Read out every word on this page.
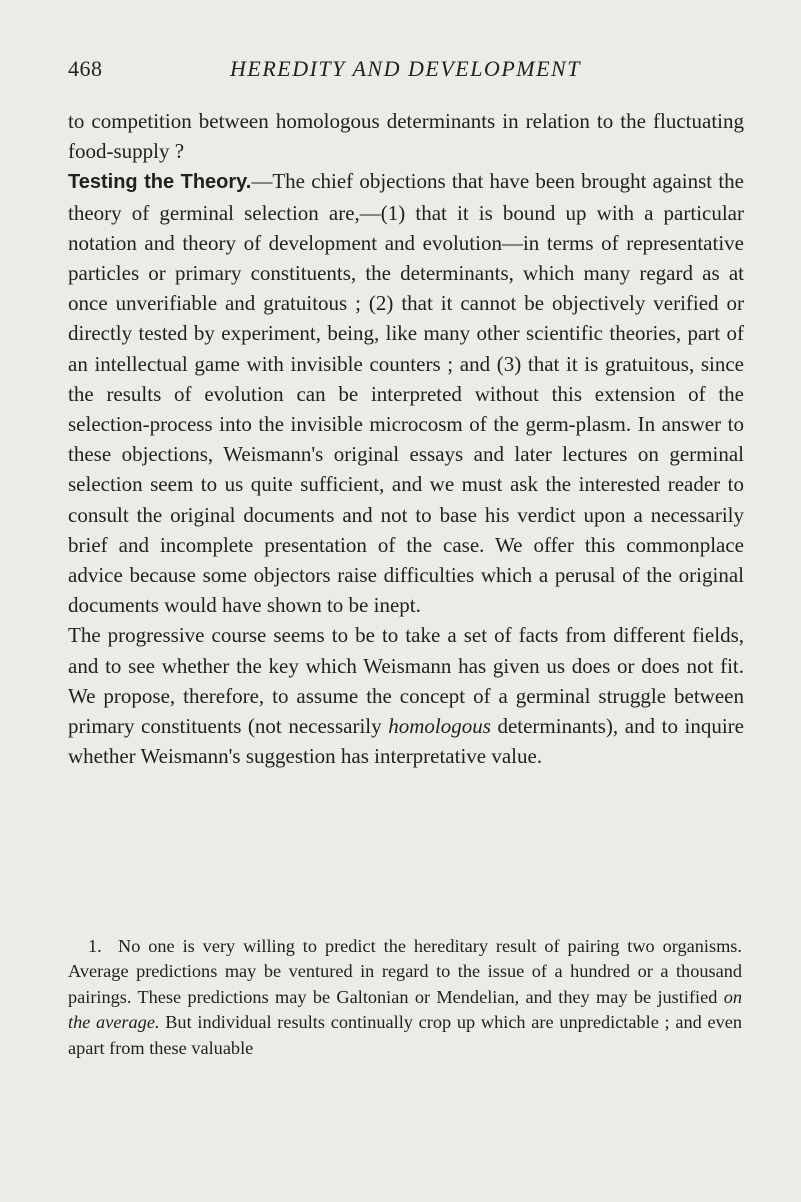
468	HEREDITY AND DEVELOPMENT

to competition between homologous determinants in relation to the fluctuating food-supply ?

Testing the Theory.—The chief objections that have been brought against the theory of germinal selection are,—(1) that it is bound up with a particular notation and theory of development and evolution—in terms of representative particles or primary constituents, the determinants, which many regard as at once unverifiable and gratuitous ; (2) that it cannot be objectively verified or directly tested by experiment, being, like many other scientific theories, part of an intellectual game with invisible counters ; and (3) that it is gratuitous, since the results of evolution can be interpreted without this extension of the selection-process into the invisible microcosm of the germ-plasm. In answer to these objections, Weismann's original essays and later lectures on germinal selection seem to us quite sufficient, and we must ask the interested reader to consult the original documents and not to base his verdict upon a necessarily brief and incomplete presentation of the case. We offer this commonplace advice because some objectors raise difficulties which a perusal of the original documents would have shown to be inept.

The progressive course seems to be to take a set of facts from different fields, and to see whether the key which Weismann has given us does or does not fit. We propose, therefore, to assume the concept of a germinal struggle between primary constituents (not necessarily homologous determinants), and to inquire whether Weismann's suggestion has interpretative value.

1. No one is very willing to predict the hereditary result of pairing two organisms. Average predictions may be ventured in regard to the issue of a hundred or a thousand pairings. These predictions may be Galtonian or Mendelian, and they may be justified on the average. But individual results continually crop up which are unpredictable ; and even apart from these valuable
